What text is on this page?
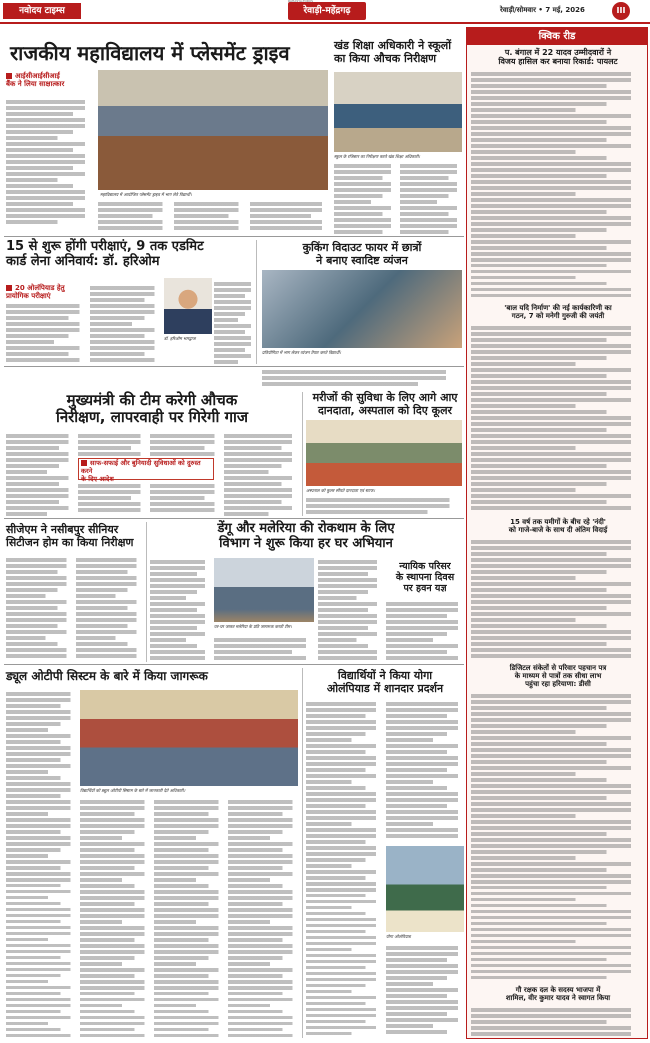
नवोदय टाइम्स	रेवाड़ी-महेंद्रगढ़	रेवाड़ी/सोमवार • 7 मई, 2026	III
राजकीय महाविद्यालय में प्लेसमेंट ड्राइव
आईसीआईसीआई
बैंक ने लिया साक्षात्कार
महाविद्यालय में आयोजित प्लेसमेंट ड्राइव में भाग लेते विद्यार्थी।
खंड शिक्षा अधिकारी ने स्कूलों
का किया औचक निरीक्षण
स्कूल के रजिस्टर का निरीक्षण करते खंड शिक्षा अधिकारी।
15 से शुरू होंगी परीक्षाएं, 9 तक एडमिट
कार्ड लेना अनिवार्य: डॉ. हरिओम
20 ओलंपियाड हेतु
प्रायोगिक परीक्षाएं
डॉ. हरिओम भारद्वाज
कुकिंग विदाउट फायर में छात्रों
ने बनाए स्वादिष्ट व्यंजन
प्रतियोगिता में भाग लेकर व्यंजन तैयार करते विद्यार्थी।
मुख्यमंत्री की टीम करेगी औचक
निरीक्षण, लापरवाही पर गिरेगी गाज
साफ-सफाई और बुनियादी सुविधाओं को दुरुस्त करने
के दिए आदेश
मरीजों की सुविधा के लिए आगे आए
दानदाता, अस्पताल को दिए कूलर
अस्पताल को कूलर सौंपते दानदाता एवं स्टाफ।
सीजेएम ने नसीबपुर सीनियर
सिटीजन होम का किया निरीक्षण
डेंगू और मलेरिया की रोकथाम के लिए
विभाग ने शुरू किया हर घर अभियान
घर-घर जाकर मलेरिया के प्रति जागरूक करती टीम।
न्यायिक परिसर
के स्थापना दिवस
पर हवन यज्ञ
ड्यूल ओटीपी सिस्टम के बारे में किया जागरूक
विद्यार्थियों को ड्यूल ओटीपी सिस्टम के बारे में जानकारी देते अधिकारी।
विद्यार्थियों ने किया योगा
ओलंपियाड में शानदार प्रदर्शन
योगा ओलंपियाड
क्विक रीड
प. बंगाल में 22 यादव उम्मीदवारों ने
विजय हासिल कर बनाया रिकार्ड: पायलट
'बाल यदि निर्माण' की नई कार्यकारिणी का
गठन, 7 को मनेगी गुरुजी की जयंती
15 वर्ष तक यमीगों के बीच रहे 'नंदी'
को गाजे-बाजे के साथ दी अंतिम विदाई
डिजिटल संकेतों से परिवार पहचान पत्र
के माध्यम से पात्रों तक सीधा लाभ
पहुंचा रहा हरियाणा: डीसी
गौ रक्षक दल के सदस्य भाजपा में
शामिल, वीर कुमार यादव ने स्वागत किया
